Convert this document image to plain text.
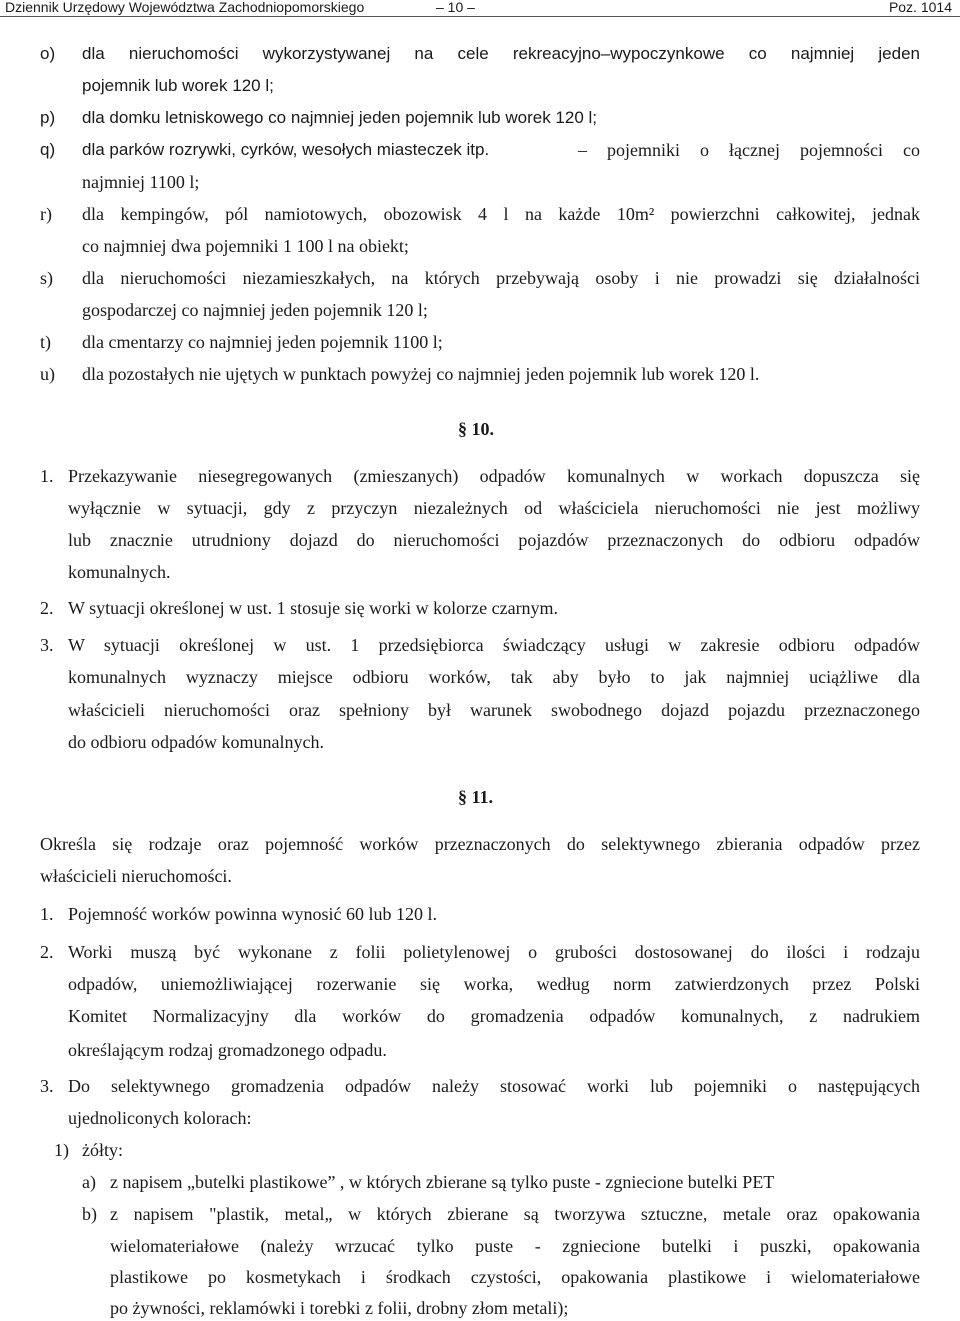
Dziennik Urzędowy Województwa Zachodniopomorskiego	– 10 –	Poz. 1014
o) dla nieruchomości wykorzystywanej na cele rekreacyjno–wypoczynkowe co najmniej jeden
pojemnik lub worek 120 l;
p) dla domku letniskowego co najmniej jeden pojemnik lub worek 120 l;
q) dla parków rozrywki, cyrków, wesołych miasteczek itp.	– pojemniki o łącznej pojemności co
najmniej 1100 l;
r) dla kempingów, pól namiotowych, obozowisk 4 l na każde 10m² powierzchni całkowitej, jednak
co najmniej dwa pojemniki 1 100 l na obiekt;
s) dla nieruchomości niezamieszkałych, na których przebywają osoby i nie prowadzi się działalności
gospodarczej co najmniej jeden pojemnik 120 l;
t) dla cmentarzy co najmniej jeden pojemnik 1100 l;
u) dla pozostałych nie ujętych w punktach powyżej co najmniej jeden pojemnik lub worek 120 l.
§ 10.
1. Przekazywanie niesegregowanych (zmieszanych) odpadów komunalnych w workach dopuszcza się
wyłącznie w sytuacji, gdy z przyczyn niezależnych od właściciela nieruchomości nie jest możliwy
lub znacznie utrudniony dojazd do nieruchomości pojazdów przeznaczonych do odbioru odpadów
komunalnych.
2. W sytuacji określonej w ust. 1 stosuje się worki w kolorze czarnym.
3. W sytuacji określonej w ust. 1 przedsiębiorca świadczący usługi w zakresie odbioru odpadów
komunalnych wyznaczy miejsce odbioru worków, tak aby było to jak najmniej uciążliwe dla
właścicieli nieruchomości oraz spełniony był warunek swobodnego dojazd pojazdu przeznaczonego
do odbioru odpadów komunalnych.
§ 11.
Określa się rodzaje oraz pojemność worków przeznaczonych do selektywnego zbierania odpadów przez
właścicieli nieruchomości.
1. Pojemność worków powinna wynosić 60 lub 120 l.
2. Worki muszą być wykonane z folii polietylenowej o grubości dostosowanej do ilości i rodzaju
odpadów, uniemożliwiającej rozerwanie się worka, według norm zatwierdzonych przez Polski
Komitet Normalizacyjny dla worków do gromadzenia odpadów komunalnych, z nadrukiem
określającym rodzaj gromadzonego odpadu.
3. Do selektywnego gromadzenia odpadów należy stosować worki lub pojemniki o następujących
ujednoliconych kolorach:
1) żółty:
a) z napisem „butelki plastikowe” , w których zbierane są tylko puste - zgniecione butelki PET
b) z napisem "plastik, metal„ w których zbierane są tworzywa sztuczne, metale oraz opakowania
wielomateriałowe (należy wrzucać tylko puste - zgniecione butelki i puszki, opakowania
plastikowe po kosmetykach i środkach czystości, opakowania plastikowe i wielomateriałowe
po żywności, reklamówki i torebki z folii, drobny złom metali);
